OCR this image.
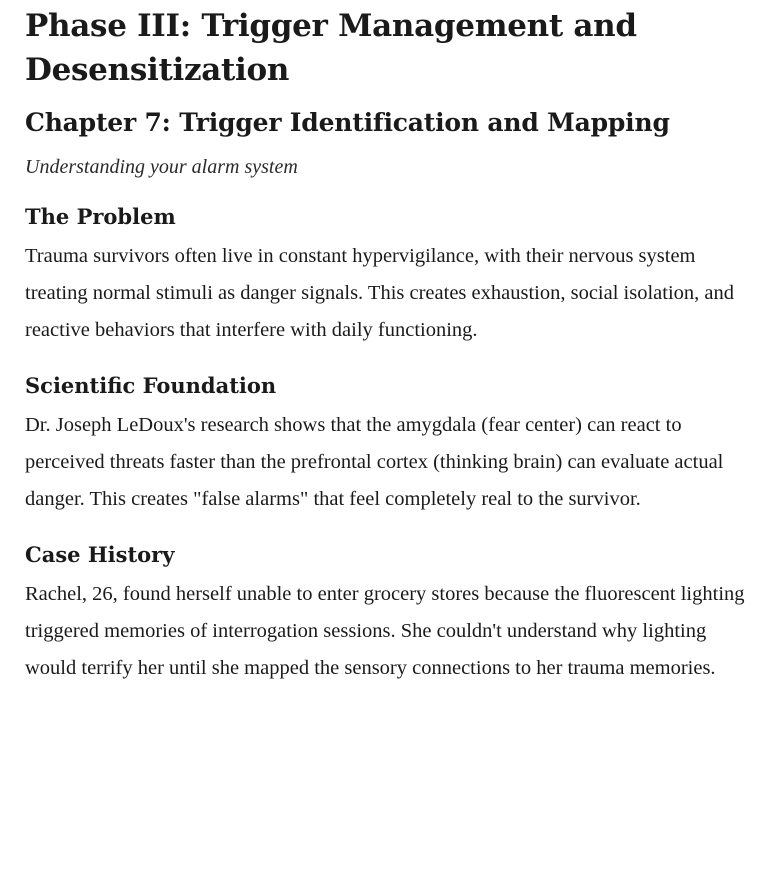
Phase III: Trigger Management and Desensitization
Chapter 7: Trigger Identification and Mapping
Understanding your alarm system
The Problem

Trauma survivors often live in constant hypervigilance, with their nervous system treating normal stimuli as danger signals. This creates exhaustion, social isolation, and reactive behaviors that interfere with daily functioning.

Scientific Foundation

Dr. Joseph LeDoux's research shows that the amygdala (fear center) can react to perceived threats faster than the prefrontal cortex (thinking brain) can evaluate actual danger. This creates "false alarms" that feel completely real to the survivor.

Case History

Rachel, 26, found herself unable to enter grocery stores because the fluorescent lighting triggered memories of interrogation sessions. She couldn't understand why lighting would terrify her until she mapped the sensory connections to her trauma memories.
